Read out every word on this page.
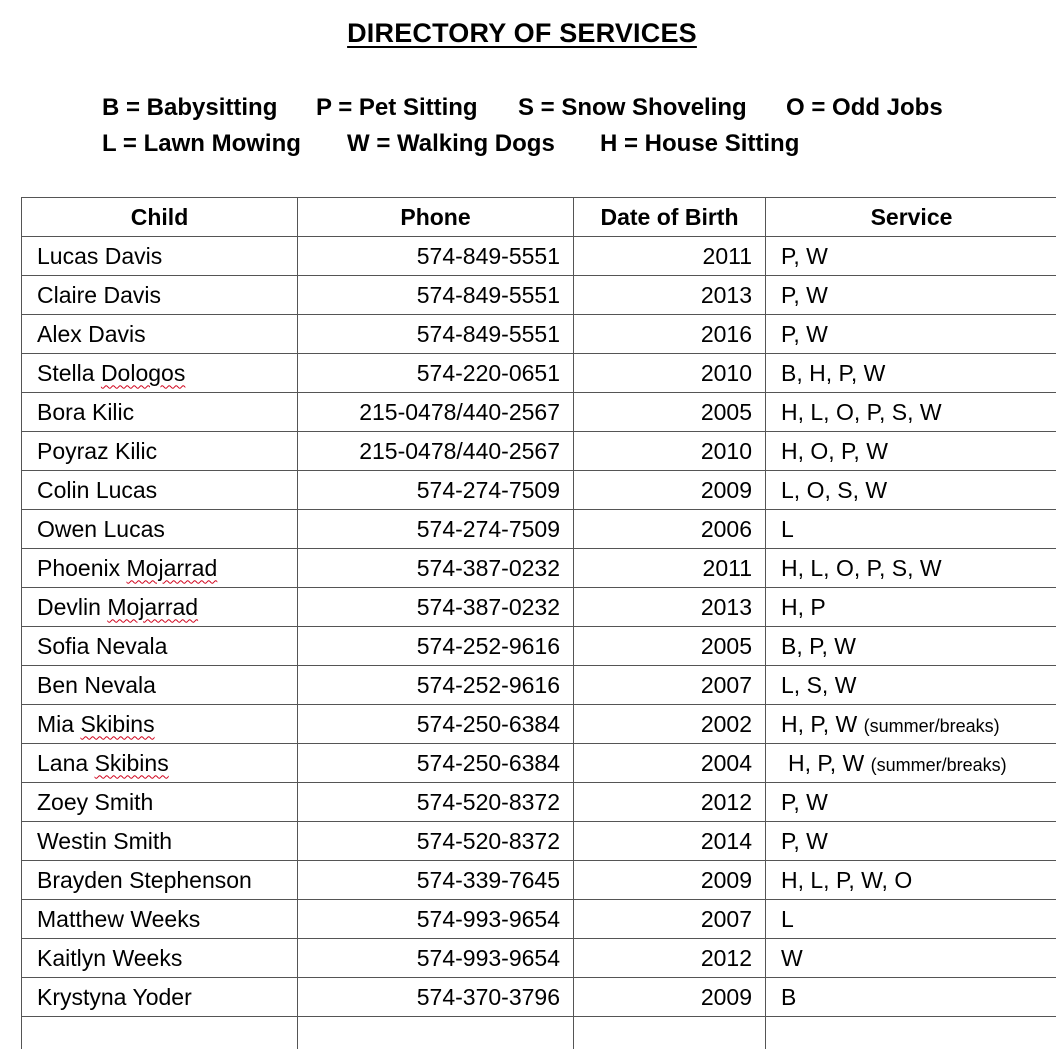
DIRECTORY OF SERVICES
B = Babysitting P = Pet Sitting S = Snow Shoveling O = Odd Jobs
L = Lawn Mowing W = Walking Dogs H = House Sitting
Child	Phone	Date of Birth	Service
Lucas Davis	574-849-5551	2011	P, W
Claire Davis	574-849-5551	2013	P, W
Alex Davis	574-849-5551	2016	P, W
Stella Dologos	574-220-0651	2010	B, H, P, W
Bora Kilic	215-0478/440-2567	2005	H, L, O, P, S, W
Poyraz Kilic	215-0478/440-2567	2010	H, O, P, W
Colin Lucas	574-274-7509	2009	L, O, S, W
Owen Lucas	574-274-7509	2006	L
Phoenix Mojarrad	574-387-0232	2011	H, L, O, P, S, W
Devlin Mojarrad	574-387-0232	2013	H, P
Sofia Nevala	574-252-9616	2005	B, P, W
Ben Nevala	574-252-9616	2007	L, S, W
Mia Skibins	574-250-6384	2002	H, P, W (summer/breaks)
Lana Skibins	574-250-6384	2004	H, P, W (summer/breaks)
Zoey Smith	574-520-8372	2012	P, W
Westin Smith	574-520-8372	2014	P, W
Brayden Stephenson	574-339-7645	2009	H, L, P, W, O
Matthew Weeks	574-993-9654	2007	L
Kaitlyn Weeks	574-993-9654	2012	W
Krystyna Yoder	574-370-3796	2009	B
